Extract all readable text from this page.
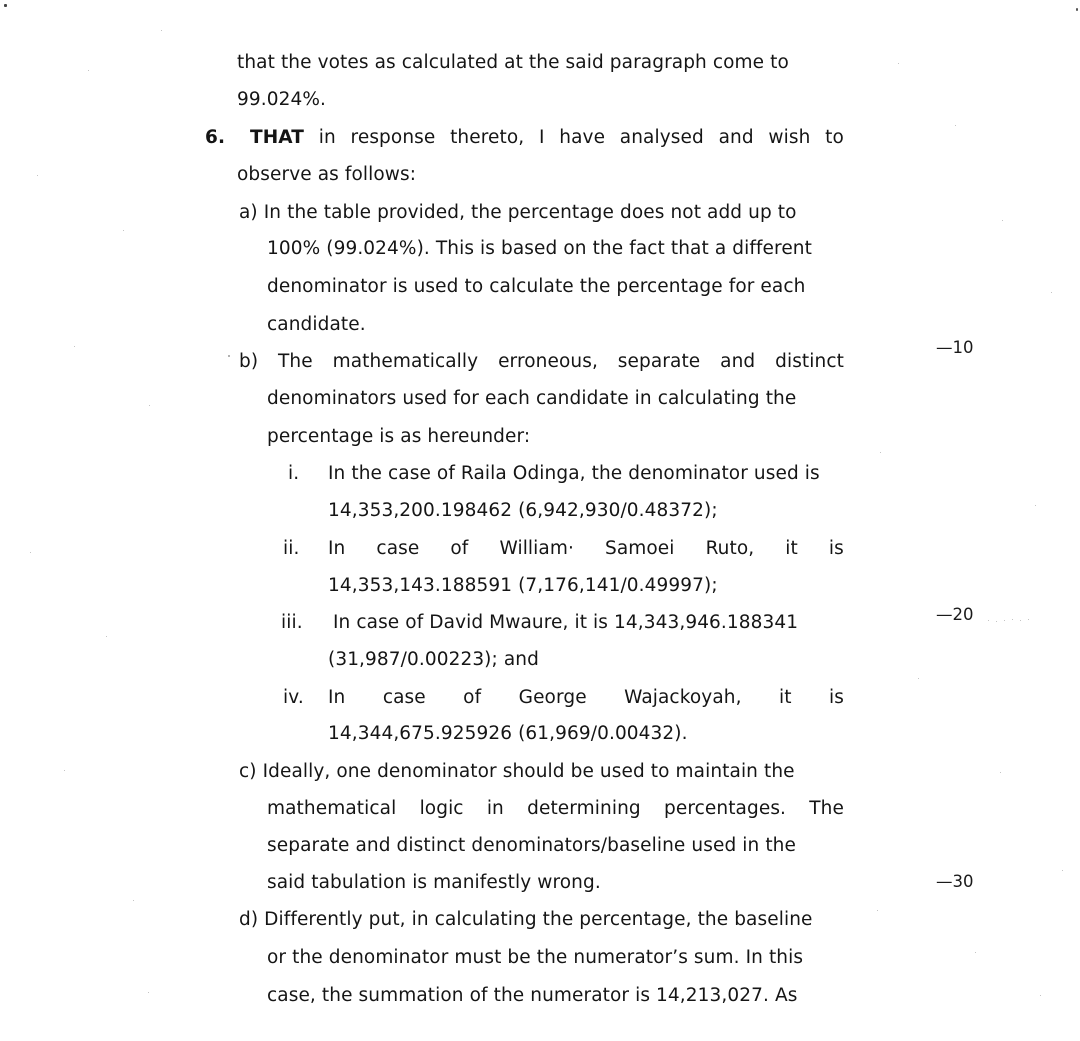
that the votes as calculated at the said paragraph come to
99.024%.
6. THAT in response thereto, I have analysed and wish to
observe as follows:
a) In the table provided, the percentage does not add up to
100% (99.024%). This is based on the fact that a different
denominator is used to calculate the percentage for each
candidate.
b) The mathematically erroneous, separate and distinct
denominators used for each candidate in calculating the
percentage is as hereunder:
i. In the case of Raila Odinga, the denominator used is
14,353,200.198462 (6,942,930/0.48372);
ii. In case of William· Samoei Ruto, it is
14,353,143.188591 (7,176,141/0.49997);
iii. In case of David Mwaure, it is 14,343,946.188341
(31,987/0.00223); and
iv. In case of George Wajackoyah, it is
14,344,675.925926 (61,969/0.00432).
c) Ideally, one denominator should be used to maintain the
mathematical logic in determining percentages. The
separate and distinct denominators/baseline used in the
said tabulation is manifestly wrong.
d) Differently put, in calculating the percentage, the baseline
or the denominator must be the numerator’s sum. In this
case, the summation of the numerator is 14,213,027. As
—10
—20
—30
